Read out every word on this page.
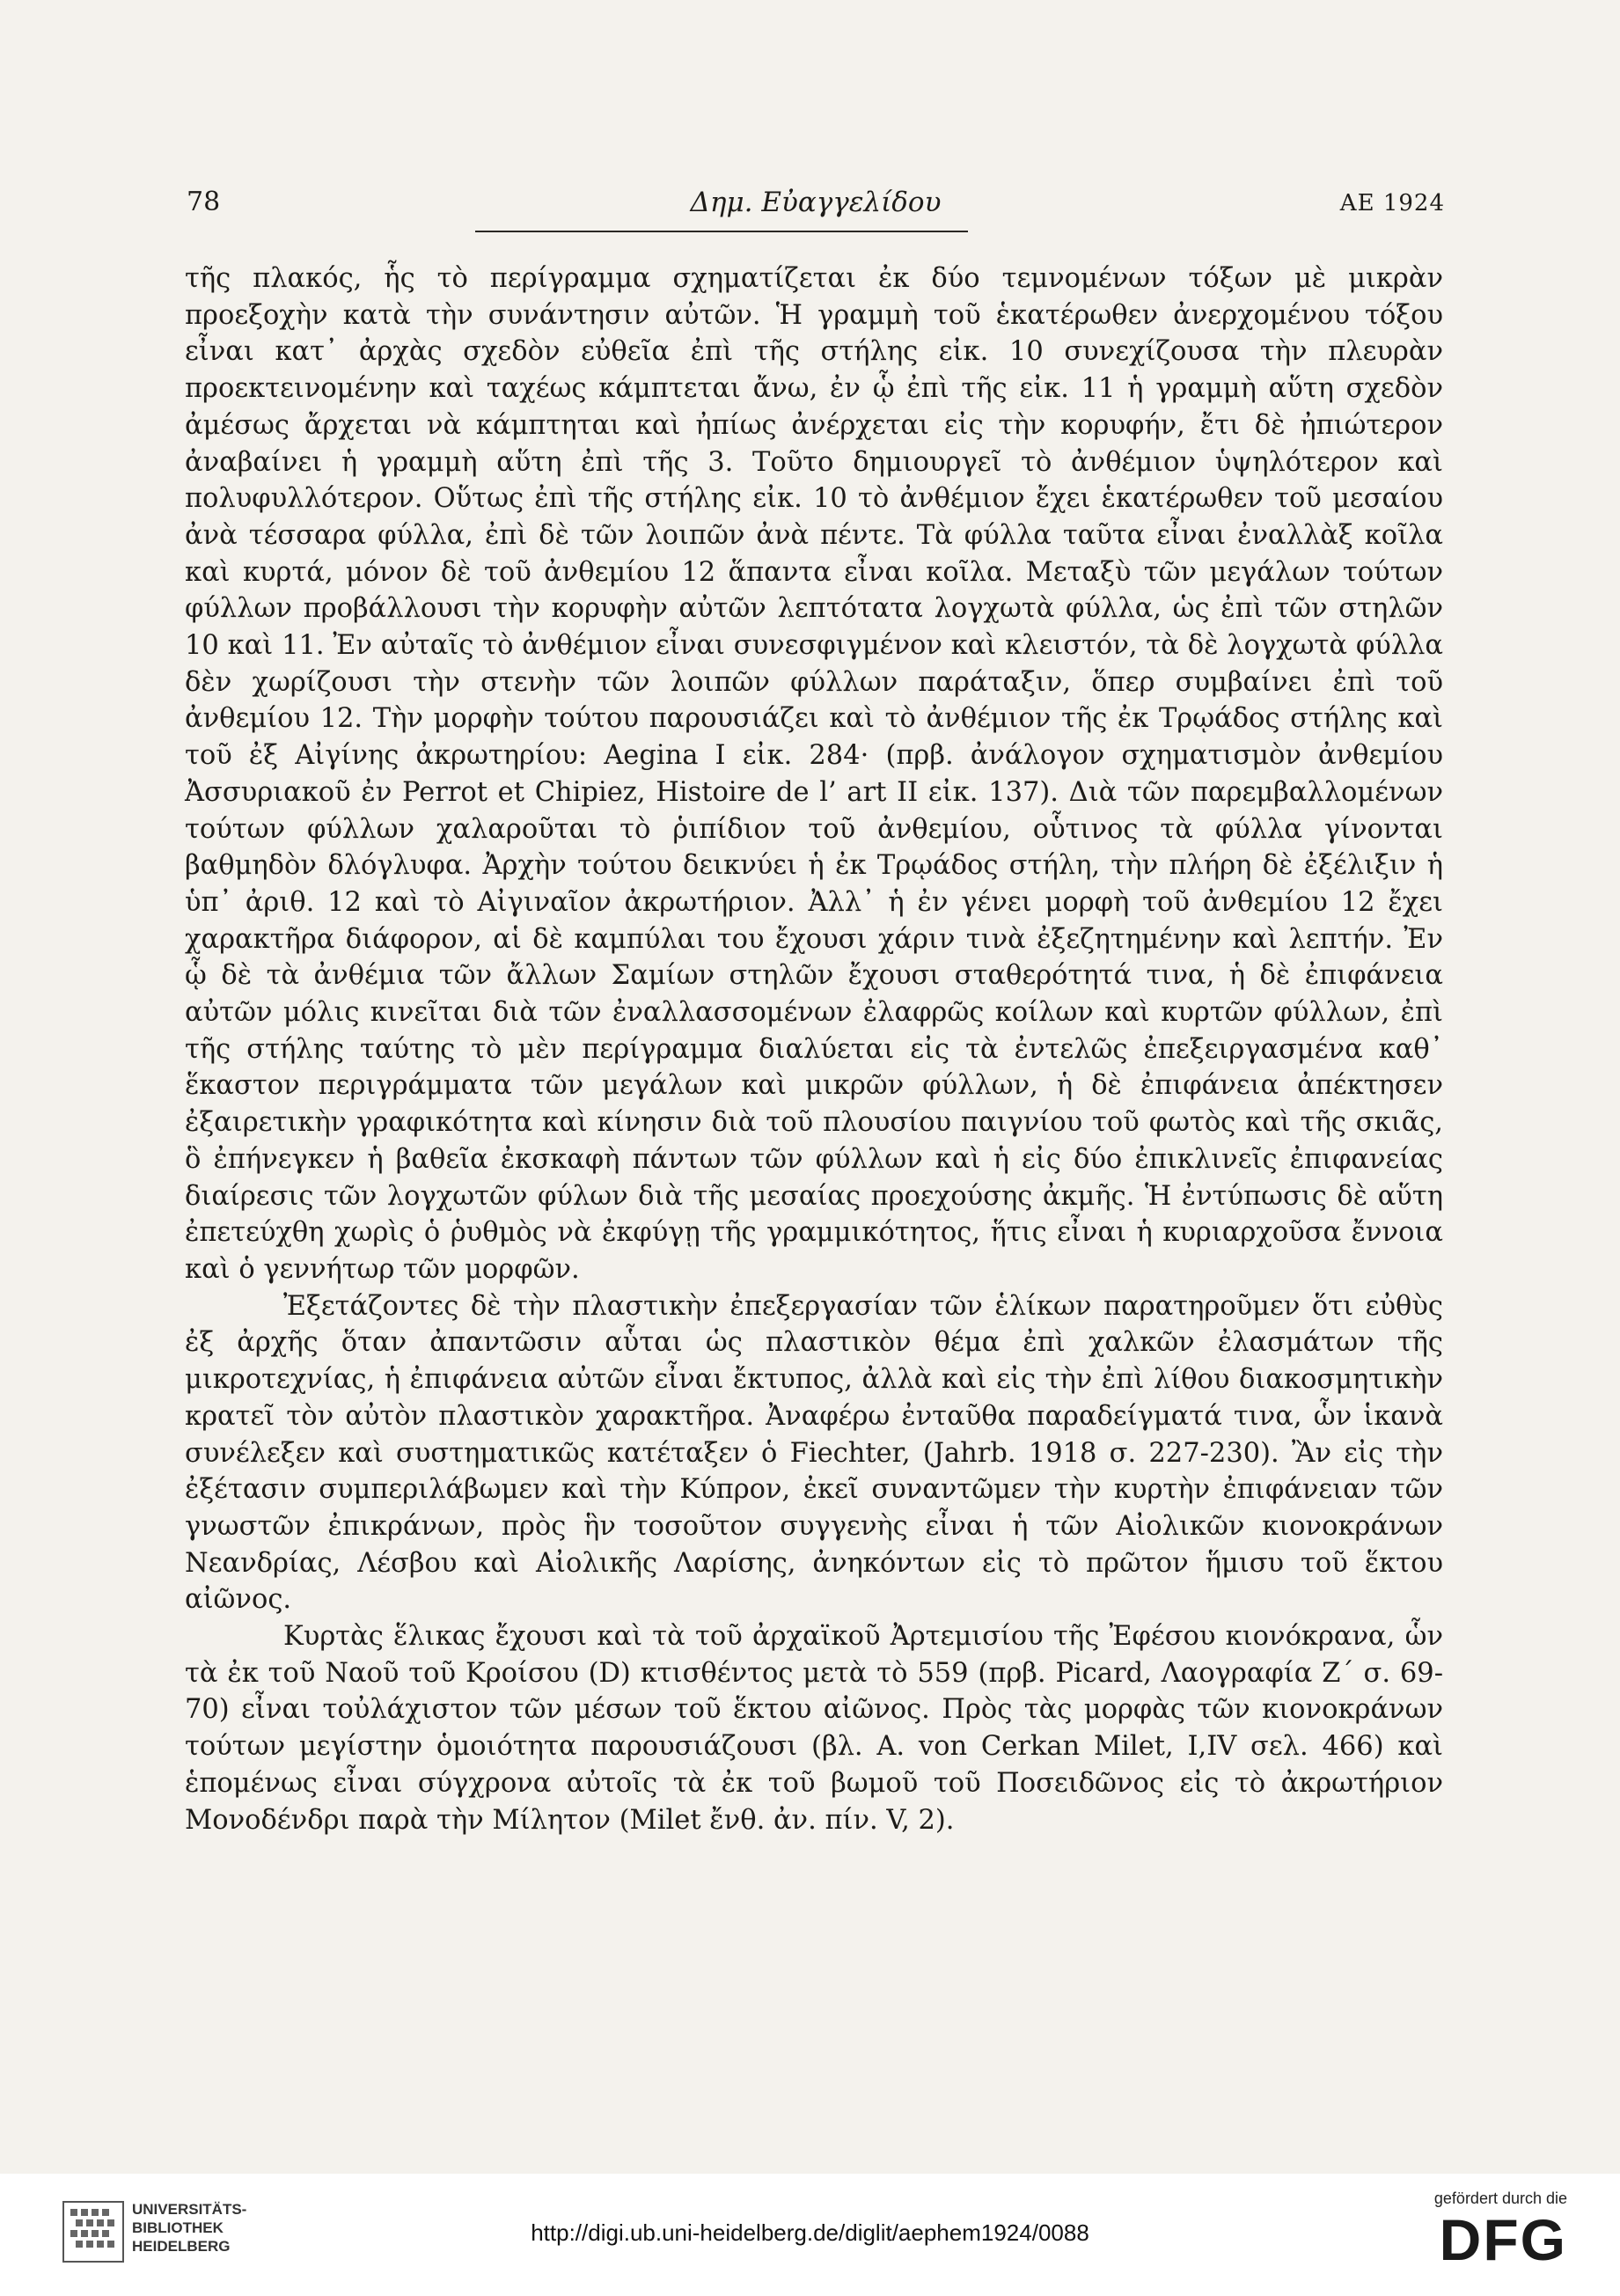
78	Δημ. Εὐαγγελίδου	ΑΕ 1924

τῆς πλακός, ἧς τὸ περίγραμμα σχηματίζεται ἐκ δύο τεμνομένων τόξων μὲ μικρὰν προεξοχὴν κατὰ τὴν συνάντησιν αὐτῶν. Ἡ γραμμὴ τοῦ ἑκατέρωθεν ἀνερχομένου τόξου εἶναι κατ᾽ ἀρχὰς σχεδὸν εὐθεῖα ἐπὶ τῆς στήλης εἰκ. 10 συνεχίζουσα τὴν πλευρὰν προεκτεινομένην καὶ ταχέως κάμπτεται ἄνω, ἐν ᾧ ἐπὶ τῆς εἰκ. 11 ἡ γραμμὴ αὕτη σχεδὸν ἀμέσως ἄρχεται νὰ κάμπτηται καὶ ἠπίως ἀνέρχεται εἰς τὴν κορυφήν, ἔτι δὲ ἠπιώτερον ἀναβαίνει ἡ γραμμὴ αὕτη ἐπὶ τῆς 3. Τοῦτο δημιουργεῖ τὸ ἀνθέμιον ὑψηλότερον καὶ πολυφυλλότερον. Οὕτως ἐπὶ τῆς στήλης εἰκ. 10 τὸ ἀνθέμιον ἔχει ἑκατέρωθεν τοῦ μεσαίου ἀνὰ τέσσαρα φύλλα, ἐπὶ δὲ τῶν λοιπῶν ἀνὰ πέντε. Τὰ φύλλα ταῦτα εἶναι ἐναλλὰξ κοῖλα καὶ κυρτά, μόνον δὲ τοῦ ἀνθεμίου 12 ἅπαντα εἶναι κοῖλα. Μεταξὺ τῶν μεγάλων τούτων φύλλων προβάλλουσι τὴν κορυφὴν αὐτῶν λεπτότατα λογχωτὰ φύλλα, ὡς ἐπὶ τῶν στηλῶν 10 καὶ 11. Ἐν αὐταῖς τὸ ἀνθέμιον εἶναι συνεσφιγμένον καὶ κλειστόν, τὰ δὲ λογχωτὰ φύλλα δὲν χωρίζουσι τὴν στενὴν τῶν λοιπῶν φύλλων παράταξιν, ὅπερ συμβαίνει ἐπὶ τοῦ ἀνθεμίου 12. Τὴν μορφὴν τούτου παρουσιάζει καὶ τὸ ἀνθέμιον τῆς ἐκ Τρῳάδος στήλης καὶ τοῦ ἐξ Αἰγίνης ἀκρωτηρίου: Aegina I εἰκ. 284· (πρβ. ἀνάλογον σχηματισμὸν ἀνθεμίου Ἀσσυριακοῦ ἐν Perrot et Chipiez, Histoire de l’ art II εἰκ. 137). Διὰ τῶν παρεμβαλλομένων τούτων φύλλων χαλαροῦται τὸ ῥιπίδιον τοῦ ἀνθεμίου, οὗτινος τὰ φύλλα γίνονται βαθμηδὸν δλόγλυφα. Ἀρχὴν τούτου δεικνύει ἡ ἐκ Τρῳάδος στήλη, τὴν πλήρη δὲ ἐξέλιξιν ἡ ὑπ᾽ ἀριθ. 12 καὶ τὸ Αἰγιναῖον ἀκρωτήριον. Ἀλλ᾽ ἡ ἐν γένει μορφὴ τοῦ ἀνθεμίου 12 ἔχει χαρακτῆρα διάφορον, αἱ δὲ καμπύλαι του ἔχουσι χάριν τινὰ ἐξεζητημένην καὶ λεπτήν. Ἐν ᾧ δὲ τὰ ἀνθέμια τῶν ἄλλων Σαμίων στηλῶν ἔχουσι σταθερότητά τινα, ἡ δὲ ἐπιφάνεια αὐτῶν μόλις κινεῖται διὰ τῶν ἐναλλασσομένων ἐλαφρῶς κοίλων καὶ κυρτῶν φύλλων, ἐπὶ τῆς στήλης ταύτης τὸ μὲν περίγραμμα διαλύεται εἰς τὰ ἐντελῶς ἐπεξειργασμένα καθ᾽ ἕκαστον περιγράμματα τῶν μεγάλων καὶ μικρῶν φύλλων, ἡ δὲ ἐπιφάνεια ἀπέκτησεν ἐξαιρετικὴν γραφικότητα καὶ κίνησιν διὰ τοῦ πλουσίου παιγνίου τοῦ φωτὸς καὶ τῆς σκιᾶς, ὃ ἐπήνεγκεν ἡ βαθεῖα ἐκσκαφὴ πάντων τῶν φύλλων καὶ ἡ εἰς δύο ἐπικλινεῖς ἐπιφανείας διαίρεσις τῶν λογχωτῶν φύλων διὰ τῆς μεσαίας προεχούσης ἀκμῆς. Ἡ ἐντύπωσις δὲ αὕτη ἐπετεύχθη χωρὶς ὁ ῥυθμὸς νὰ ἐκφύγῃ τῆς γραμμικότητος, ἥτις εἶναι ἡ κυριαρχοῦσα ἔννοια καὶ ὁ γεννήτωρ τῶν μορφῶν.

Ἐξετάζοντες δὲ τὴν πλαστικὴν ἐπεξεργασίαν τῶν ἑλίκων παρατηροῦμεν ὅτι εὐθὺς ἐξ ἀρχῆς ὅταν ἀπαντῶσιν αὗται ὡς πλαστικὸν θέμα ἐπὶ χαλκῶν ἐλασμάτων τῆς μικροτεχνίας, ἡ ἐπιφάνεια αὐτῶν εἶναι ἔκτυπος, ἀλλὰ καὶ εἰς τὴν ἐπὶ λίθου διακοσμητικὴν κρατεῖ τὸν αὐτὸν πλαστικὸν χαρακτῆρα. Ἀναφέρω ἐνταῦθα παραδείγματά τινα, ὧν ἱκανὰ συνέλεξεν καὶ συστηματικῶς κατέταξεν ὁ Fiechter, (Jahrb. 1918 σ. 227-230). Ἂν εἰς τὴν ἐξέτασιν συμπεριλάβωμεν καὶ τὴν Κύπρον, ἐκεῖ συναντῶμεν τὴν κυρτὴν ἐπιφάνειαν τῶν γνωστῶν ἐπικράνων, πρὸς ἣν τοσοῦτον συγγενὴς εἶναι ἡ τῶν Αἰολικῶν κιονοκράνων Νεανδρίας, Λέσβου καὶ Αἰολικῆς Λαρίσης, ἀνηκόντων εἰς τὸ πρῶτον ἥμισυ τοῦ ἕκτου αἰῶνος.

Κυρτὰς ἕλικας ἔχουσι καὶ τὰ τοῦ ἀρχαϊκοῦ Ἀρτεμισίου τῆς Ἐφέσου κιονόκρανα, ὧν τὰ ἐκ τοῦ Ναοῦ τοῦ Κροίσου (D) κτισθέντος μετὰ τὸ 559 (πρβ. Picard, Λαογραφία Ζ΄ σ. 69-70) εἶναι τοὐλάχιστον τῶν μέσων τοῦ ἕκτου αἰῶνος. Πρὸς τὰς μορφὰς τῶν κιονοκράνων τούτων μεγίστην ὁμοιότητα παρουσιάζουσι (βλ. A. von Cerkan Milet, I,IV σελ. 466) καὶ ἑπομένως εἶναι σύγχρονα αὐτοῖς τὰ ἐκ τοῦ βωμοῦ τοῦ Ποσειδῶνος εἰς τὸ ἀκρωτήριον Μονοδένδρι παρὰ τὴν Μίλητον (Milet ἔνθ. ἀν. πίν. V, 2).

UNIVERSITÄTS-
BIBLIOTHEK
HEIDELBERG
http://digi.ub.uni-heidelberg.de/diglit/aephem1924/0088
gefördert durch die
DFG
